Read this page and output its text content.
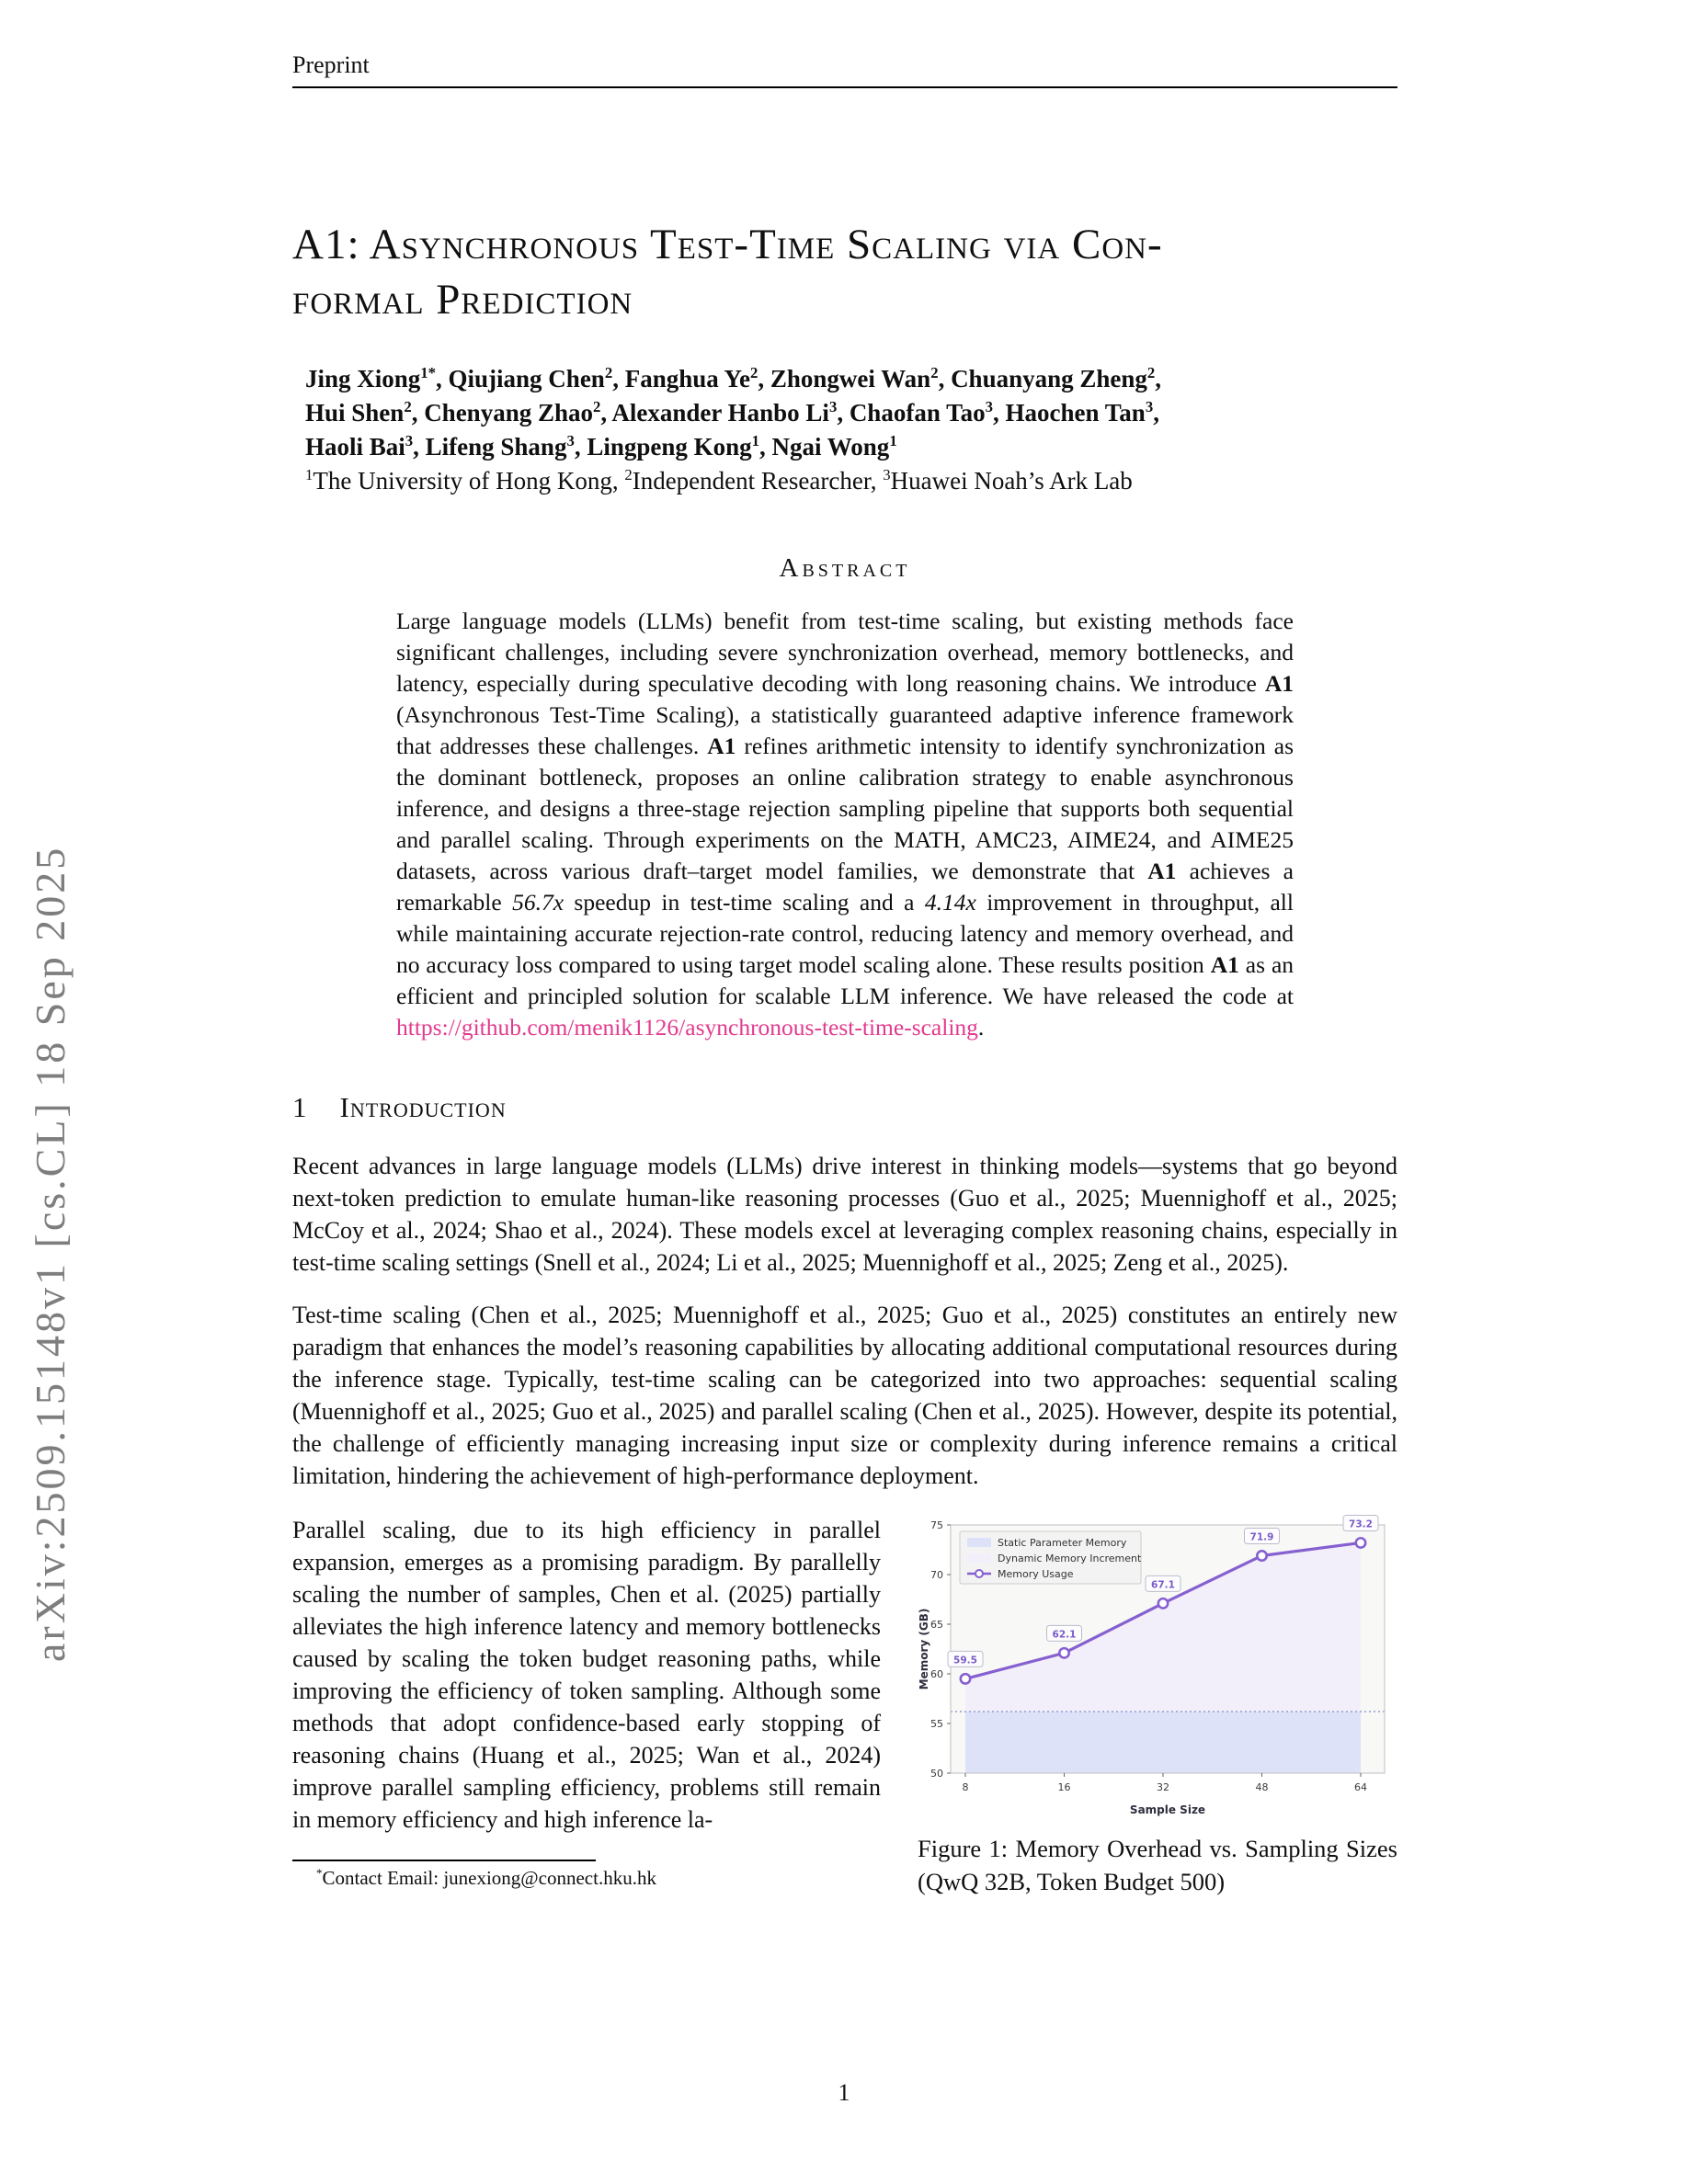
arXiv:2509.15148v1 [cs.CL] 18 Sep 2025
Preprint
A1: Asynchronous Test-Time Scaling via Con-
formal Prediction
Jing Xiong$^{1*}$, Qiujiang Chen$^2$, Fanghua Ye$^2$, Zhongwei Wan$^2$, Chuanyang Zheng$^2$,
Hui Shen$^2$, Chenyang Zhao$^2$, Alexander Hanbo Li$^3$, Chaofan Tao$^3$, Haochen Tan$^3$,
Haoli Bai$^3$, Lifeng Shang$^3$, Lingpeng Kong$^1$, Ngai Wong$^1$
$^1$The University of Hong Kong, $^2$Independent Researcher, $^3$Huawei Noah’s Ark Lab
Abstract
Large language models (LLMs) benefit from test-time scaling, but existing methods face significant challenges, including severe synchronization overhead, memory bottlenecks, and latency, especially during speculative decoding with long reasoning chains. We introduce A1 (Asynchronous Test-Time Scaling), a statistically guaranteed adaptive inference framework that addresses these challenges. A1 refines arithmetic intensity to identify synchronization as the dominant bottleneck, proposes an online calibration strategy to enable asynchronous inference, and designs a three-stage rejection sampling pipeline that supports both sequential and parallel scaling. Through experiments on the MATH, AMC23, AIME24, and AIME25 datasets, across various draft–target model families, we demonstrate that A1 achieves a remarkable 56.7x speedup in test-time scaling and a 4.14x improvement in throughput, all while maintaining accurate rejection-rate control, reducing latency and memory overhead, and no accuracy loss compared to using target model scaling alone. These results position A1 as an efficient and principled solution for scalable LLM inference. We have released the code at https://github.com/menik1126/asynchronous-test-time-scaling.
1 Introduction

Recent advances in large language models (LLMs) drive interest in thinking models—systems that go beyond next-token prediction to emulate human-like reasoning processes (Guo et al., 2025; Muennighoff et al., 2025; McCoy et al., 2024; Shao et al., 2024). These models excel at leveraging complex reasoning chains, especially in test-time scaling settings (Snell et al., 2024; Li et al., 2025; Muennighoff et al., 2025; Zeng et al., 2025).

Test-time scaling (Chen et al., 2025; Muennighoff et al., 2025; Guo et al., 2025) constitutes an entirely new paradigm that enhances the model’s reasoning capabilities by allocating additional computational resources during the inference stage. Typically, test-time scaling can be categorized into two approaches: sequential scaling (Muennighoff et al., 2025; Guo et al., 2025) and parallel scaling (Chen et al., 2025). However, despite its potential, the challenge of efficiently managing increasing input size or complexity during inference remains a critical limitation, hindering the achievement of high-performance deployment.

Parallel scaling, due to its high efficiency in parallel expansion, emerges as a promising paradigm. By parallelly scaling the number of samples, Chen et al. (2025) partially alleviates the high inference latency and memory bottlenecks caused by scaling the token budget reasoning paths, while improving the efficiency of token sampling. Although some methods that adopt confidence-based early stopping of reasoning chains (Huang et al., 2025; Wan et al., 2024) improve parallel sampling efficiency, problems still remain in memory efficiency and high inference la-

*Contact Email: junexiong@connect.hku.hk
50
55
60
65
70
75
8	16	32	48	64
Sample Size
Memory (GB) 59.5
62.1
67.1
71.9
73.2
Static Parameter Memory
Dynamic Memory Increment
Memory Usage
Figure 1: Memory Overhead vs. Sampling Sizes (QwQ 32B, Token Budget 500)
1
